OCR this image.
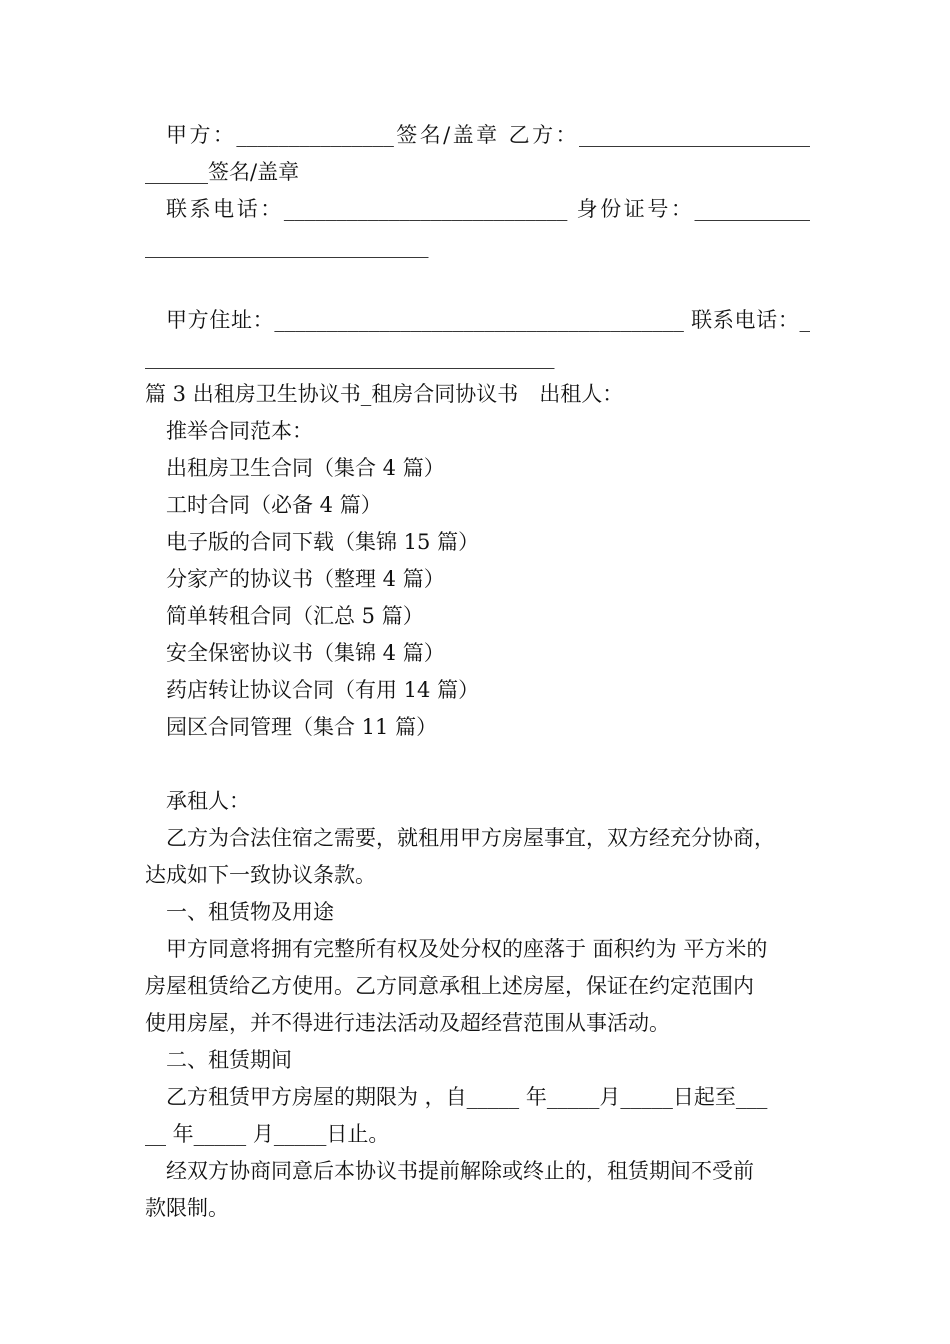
甲方：_______________签名/盖章 乙方：______________________

______签名/盖章

联系电话：___________________________ 身份证号：___________

___________________________

甲方住址：_______________________________________ 联系电话：_

_______________________________________

篇 3 出租房卫生协议书_租房合同协议书　出租人：

推举合同范本：

出租房卫生合同（集合 4 篇）

工时合同（必备 4 篇）

电子版的合同下载（集锦 15 篇）

分家产的协议书（整理 4 篇）

简单转租合同（汇总 5 篇）

安全保密协议书（集锦 4 篇）

药店转让协议合同（有用 14 篇）

园区合同管理（集合 11 篇）

承租人：

乙方为合法住宿之需要，就租用甲方房屋事宜，双方经充分协商，

达成如下一致协议条款。

一、租赁物及用途

甲方同意将拥有完整所有权及处分权的座落于 面积约为 平方米的

房屋租赁给乙方使用。乙方同意承租上述房屋，保证在约定范围内

使用房屋，并不得进行违法活动及超经营范围从事活动。

二、租赁期间

乙方租赁甲方房屋的期限为 ，自_____ 年_____月_____日起至___

__ 年_____ 月_____日止。

经双方协商同意后本协议书提前解除或终止的，租赁期间不受前

款限制。
